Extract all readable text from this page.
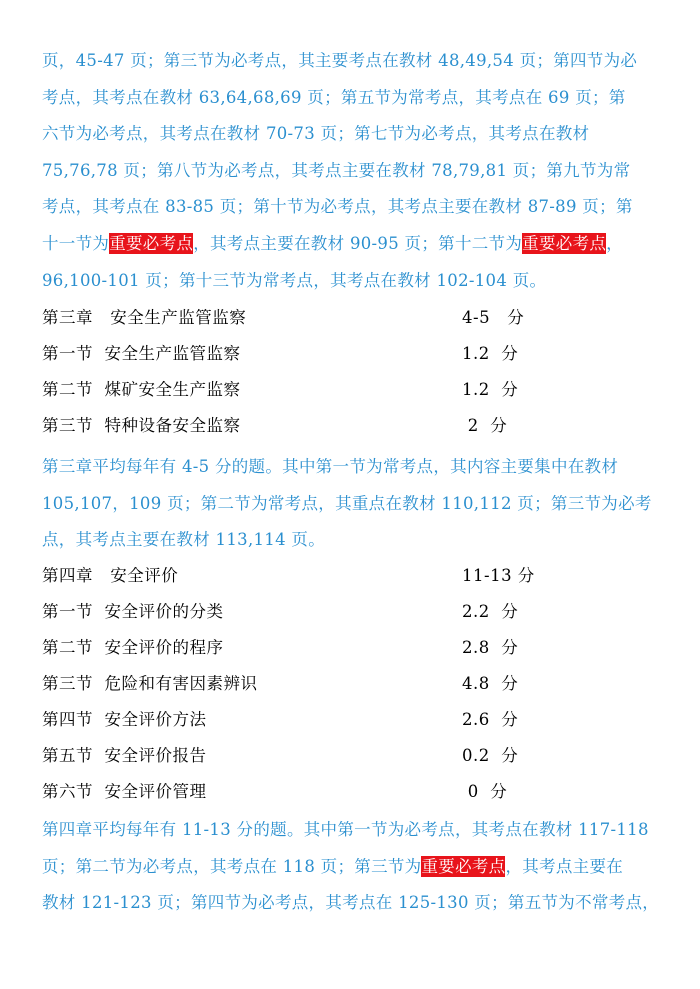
页，45-47 页；第三节为必考点，其主要考点在教材 48,49,54 页；第四节为必
考点，其考点在教材 63,64,68,69 页；第五节为常考点，其考点在 69 页；第
六节为必考点，其考点在教材 70-73 页；第七节为必考点，其考点在教材
75,76,78 页；第八节为必考点，其考点主要在教材 78,79,81 页；第九节为常
考点，其考点在 83-85 页；第十节为必考点，其考点主要在教材 87-89 页；第
十一节为重要必考点，其考点主要在教材 90-95 页；第十二节为重要必考点，
96,100-101 页；第十三节为常考点，其考点在教材 102-104 页。
第三章   安全生产监管监察	4-5   分
第一节  安全生产监管监察	1.2  分
第二节  煤矿安全生产监察	1.2  分
第三节  特种设备安全监察	2  分
第三章平均每年有 4-5 分的题。其中第一节为常考点，其内容主要集中在教材
105,107，109 页；第二节为常考点，其重点在教材 110,112 页；第三节为必考
点，其考点主要在教材 113,114 页。
第四章   安全评价	11-13 分
第一节  安全评价的分类	2.2  分
第二节  安全评价的程序	2.8  分
第三节  危险和有害因素辨识	4.8  分
第四节  安全评价方法	2.6  分
第五节  安全评价报告	0.2  分
第六节  安全评价管理	0  分
第四章平均每年有 11-13 分的题。其中第一节为必考点，其考点在教材 117-118
页；第二节为必考点，其考点在 118 页；第三节为重要必考点，其考点主要在
教材 121-123 页；第四节为必考点，其考点在 125-130 页；第五节为不常考点，
